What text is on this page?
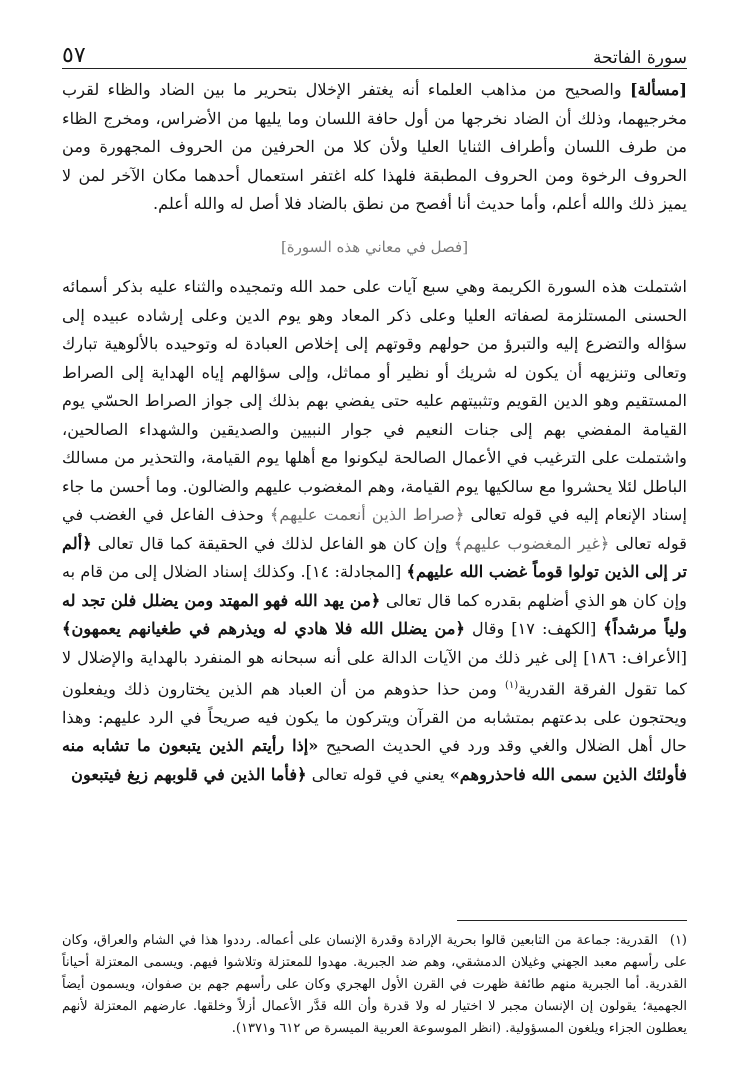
سورة الفاتحة
٥٧

[مسألة] والصحيح من مذاهب العلماء أنه يغتفر الإخلال بتحرير ما بين الضاد والظاء لقرب مخرجيهما، وذلك أن الضاد نخرجها من أول حافة اللسان وما يليها من الأضراس، ومخرج الظاء من طرف اللسان وأطراف الثنايا العليا ولأن كلا من الحرفين من الحروف المجهورة ومن الحروف الرخوة ومن الحروف المطبقة فلهذا كله اغتفر استعمال أحدهما مكان الآخر لمن لا يميز ذلك والله أعلم، وأما حديث أنا أفصح من نطق بالضاد فلا أصل له والله أعلم.

[فصل في معاني هذه السورة]

اشتملت هذه السورة الكريمة وهي سبع آيات على حمد الله وتمجيده والثناء عليه بذكر أسمائه الحسنى المستلزمة لصفاته العليا وعلى ذكر المعاد وهو يوم الدين وعلى إرشاده عبيده إلى سؤاله والتضرع إليه والتبرؤ من حولهم وقوتهم إلى إخلاص العبادة له وتوحيده بالألوهية تبارك وتعالى وتنزيهه أن يكون له شريك أو نظير أو مماثل، وإلى سؤالهم إياه الهداية إلى الصراط المستقيم وهو الدين القويم وتثبيتهم عليه حتى يفضي بهم بذلك إلى جواز الصراط الحسّي يوم القيامة المفضي بهم إلى جنات النعيم في جوار النبيين والصديقين والشهداء الصالحين، واشتملت على الترغيب في الأعمال الصالحة ليكونوا مع أهلها يوم القيامة، والتحذير من مسالك الباطل لئلا يحشروا مع سالكيها يوم القيامة، وهم المغضوب عليهم والضالون. وما أحسن ما جاء إسناد الإنعام إليه في قوله تعالى ﴿صراط الذين أنعمت عليهم﴾ وحذف الفاعل في الغضب في قوله تعالى ﴿غير المغضوب عليهم﴾ وإن كان هو الفاعل لذلك في الحقيقة كما قال تعالى ﴿ألم تر إلى الذين تولوا قوماً غضب الله عليهم﴾ [المجادلة: ١٤]. وكذلك إسناد الضلال إلى من قام به وإن كان هو الذي أضلهم بقدره كما قال تعالى ﴿من يهد الله فهو المهتد ومن يضلل فلن تجد له ولياً مرشداً﴾ [الكهف: ١٧] وقال ﴿من يضلل الله فلا هادي له ويذرهم في طغيانهم يعمهون﴾ [الأعراف: ١٨٦] إلى غير ذلك من الآيات الدالة على أنه سبحانه هو المنفرد بالهداية والإضلال لا كما تقول الفرقة القدرية$^{(١)}$ ومن حذا حذوهم من أن العباد هم الذين يختارون ذلك ويفعلون ويحتجون على بدعتهم بمتشابه من القرآن ويتركون ما يكون فيه صريحاً في الرد عليهم: وهذا حال أهل الضلال والغي وقد ورد في الحديث الصحيح «إذا رأيتم الذين يتبعون ما تشابه منه فأولئك الذين سمى الله فاحذروهم» يعني في قوله تعالى ﴿فأما الذين في قلوبهم زيغ فيتبعون

(١)القدرية: جماعة من التابعين قالوا بحرية الإرادة وقدرة الإنسان على أعماله. رددوا هذا في الشام والعراق، وكان على رأسهم معبد الجهني وغيلان الدمشقي، وهم ضد الجبرية. مهدوا للمعتزلة وتلاشوا فيهم. ويسمى المعتزلة أحياناً القدرية. أما الجبرية منهم طائفة ظهرت في القرن الأول الهجري وكان على رأسهم جهم بن صفوان، ويسمون أيضاً الجهمية؛ يقولون إن الإنسان مجبر لا اختيار له ولا قدرة وأن الله قدَّر الأعمال أزلاً وخلقها. عارضهم المعتزلة لأنهم يعطلون الجزاء ويلغون المسؤولية. (انظر الموسوعة العربية الميسرة ص ٦١٢ و١٣٧١).
